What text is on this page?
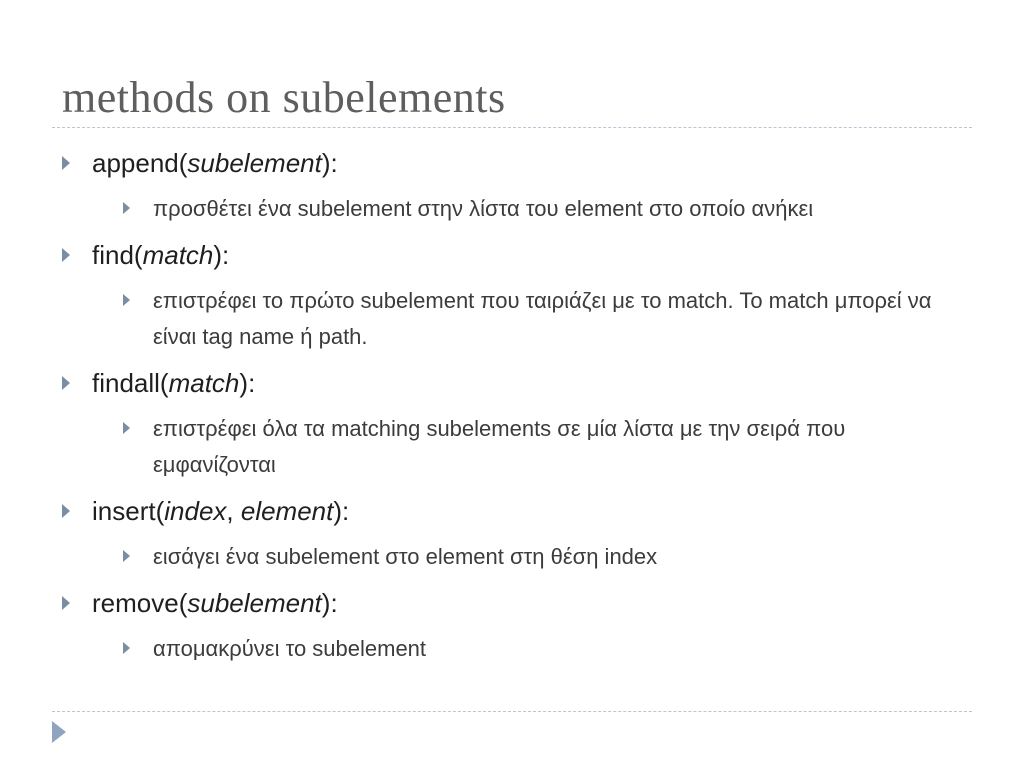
methods on subelements
append(subelement):
προσθέτει ένα subelement στην λίστα του element στο οποίο ανήκει
find(match):
επιστρέφει το πρώτο subelement που ταιριάζει με το match. To match μπορεί να είναι tag name ή path.
findall(match):
επιστρέφει όλα τα matching subelements σε μία λίστα με την σειρά που εμφανίζονται
insert(index, element):
εισάγει ένα subelement στο element στη θέση index
remove(subelement):
απομακρύνει το subelement
